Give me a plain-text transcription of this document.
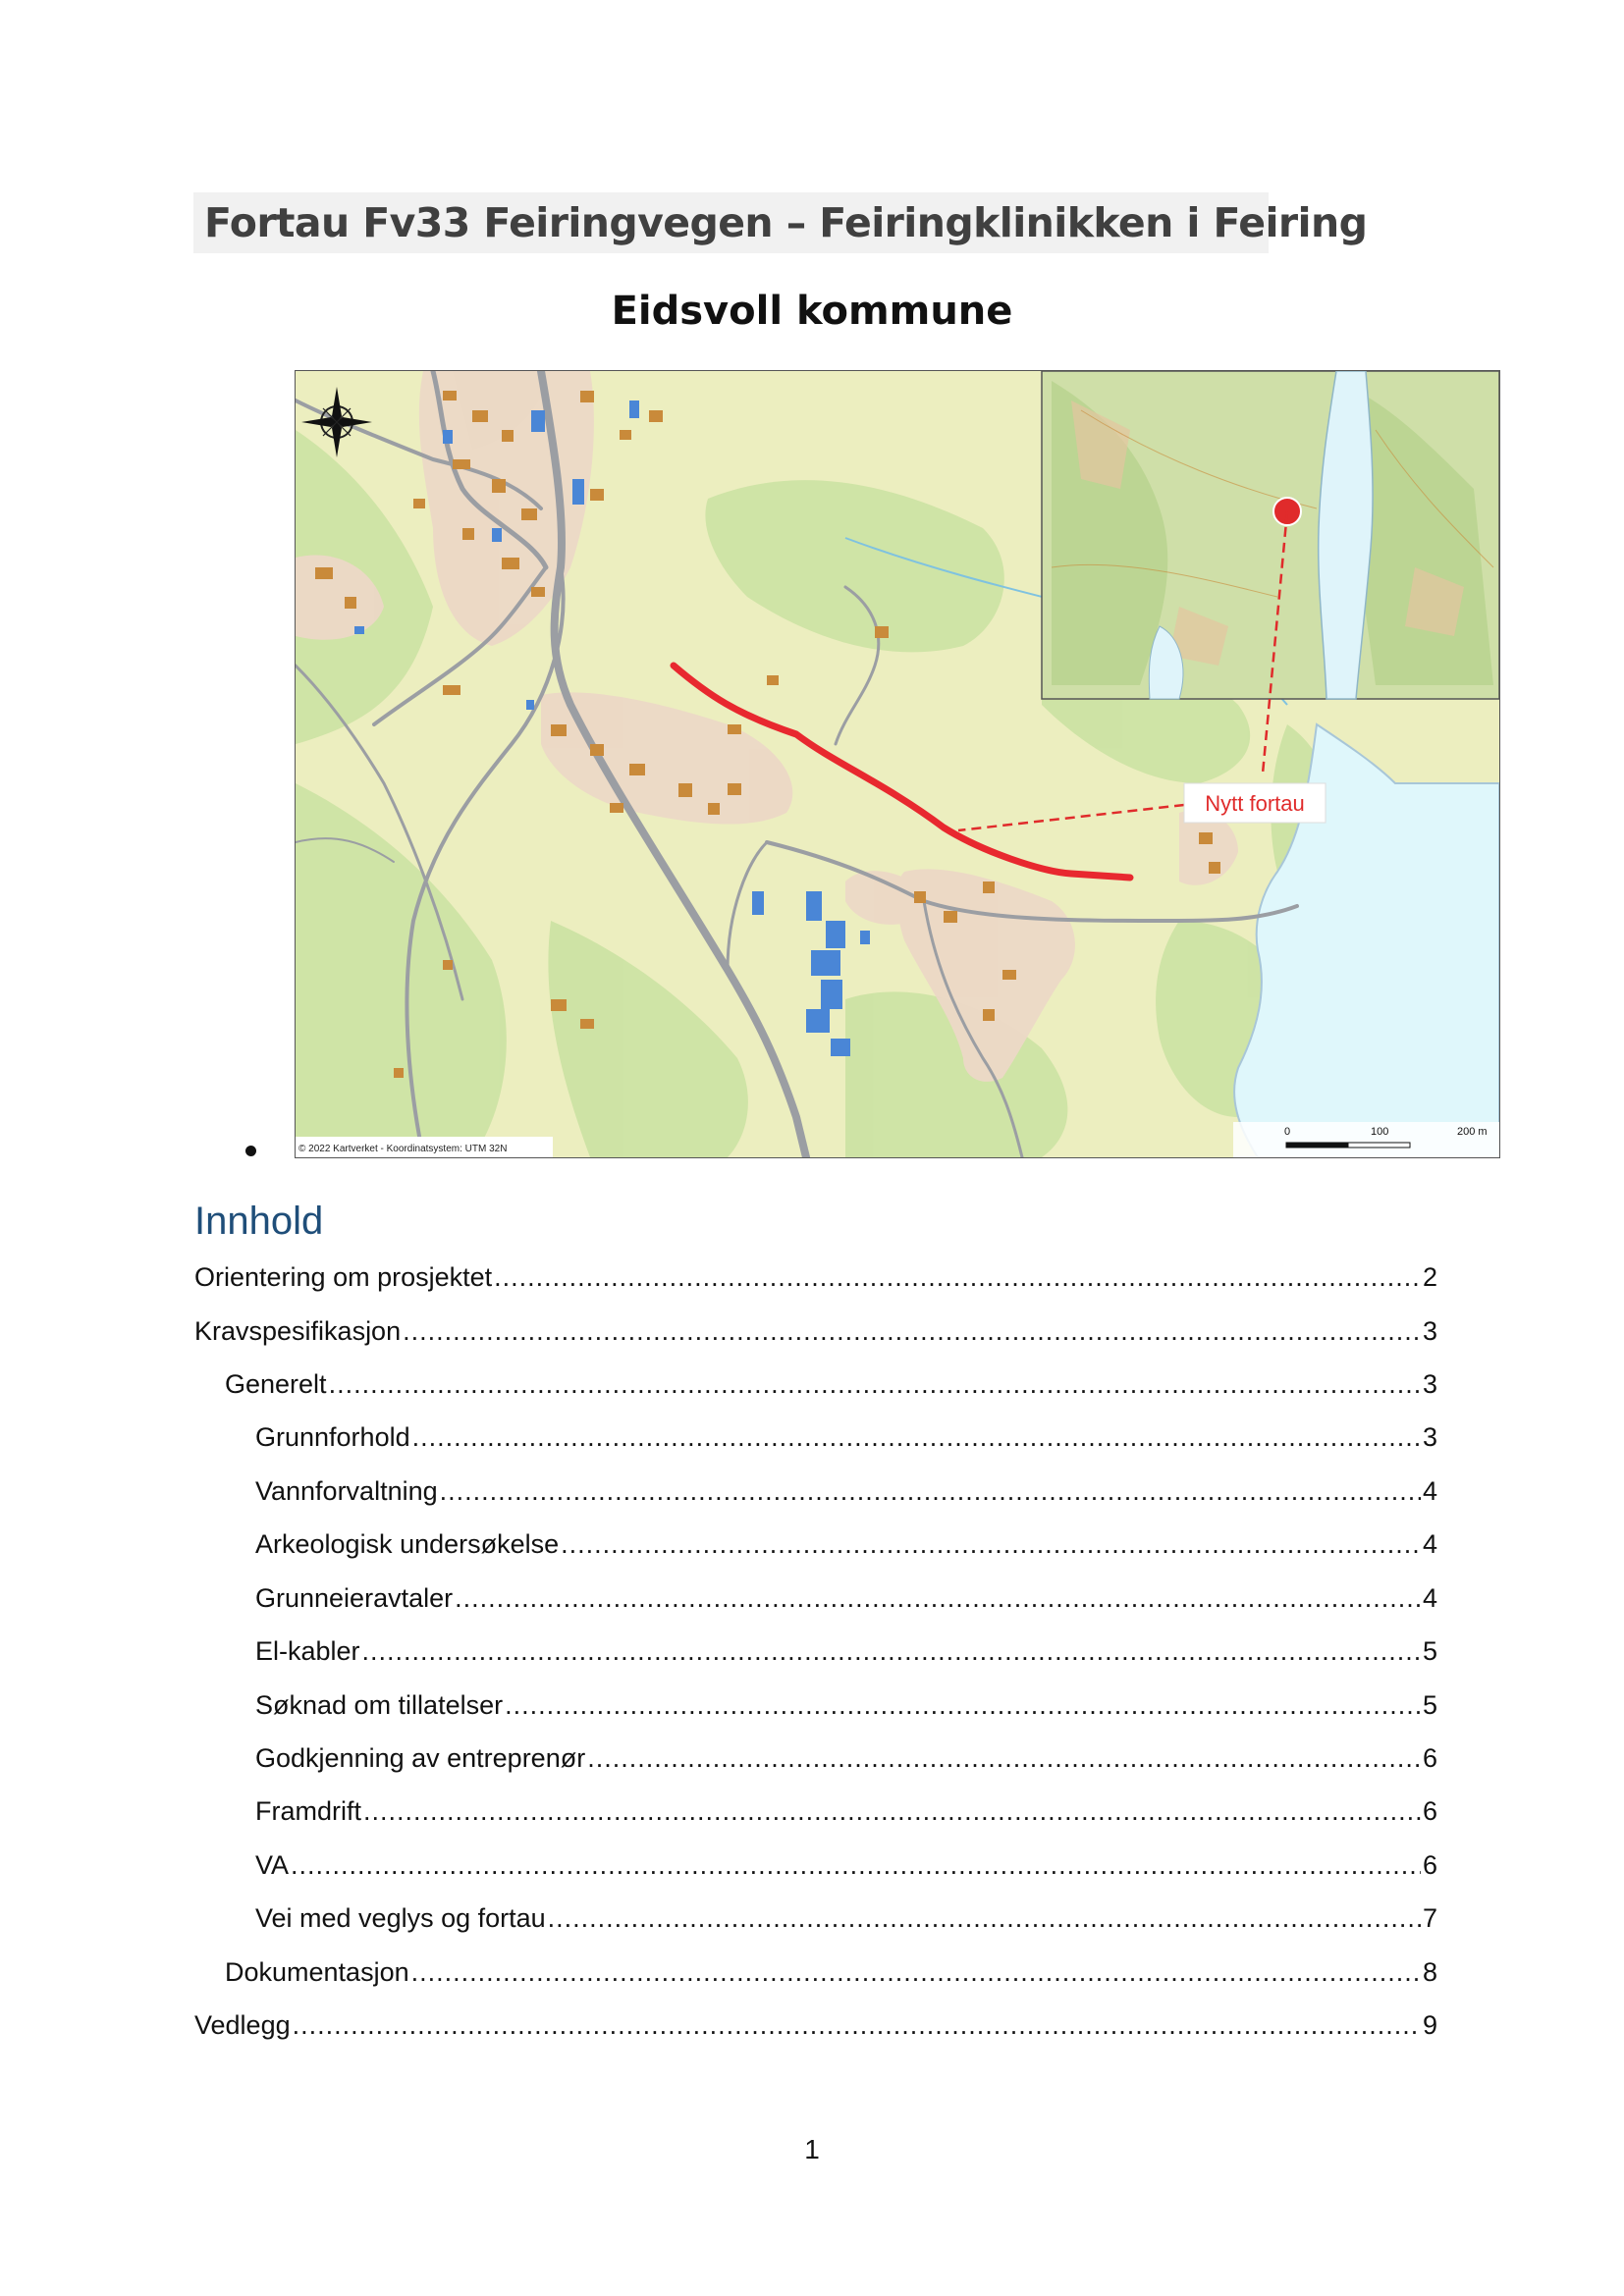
Fortau Fv33 Feiringvegen – Feiringklinikken i Feiring
Eidsvoll kommune
Nytt fortau
© 2022 Kartverket - Koordinatsystem: UTM 32N
0	100	200 m
Innhold
Orientering om prosjektet .....	2
Kravspesifikasjon .....	3
Generelt .....	3
Grunnforhold .....	3
Vannforvaltning .....	4
Arkeologisk undersøkelse .....	4
Grunneieravtaler .....	4
El-kabler .....	5
Søknad om tillatelser .....	5
Godkjenning av entreprenør .....	6
Framdrift .....	6
VA .....	6
Vei med veglys og fortau .....	7
Dokumentasjon .....	8
Vedlegg .....	9
1
